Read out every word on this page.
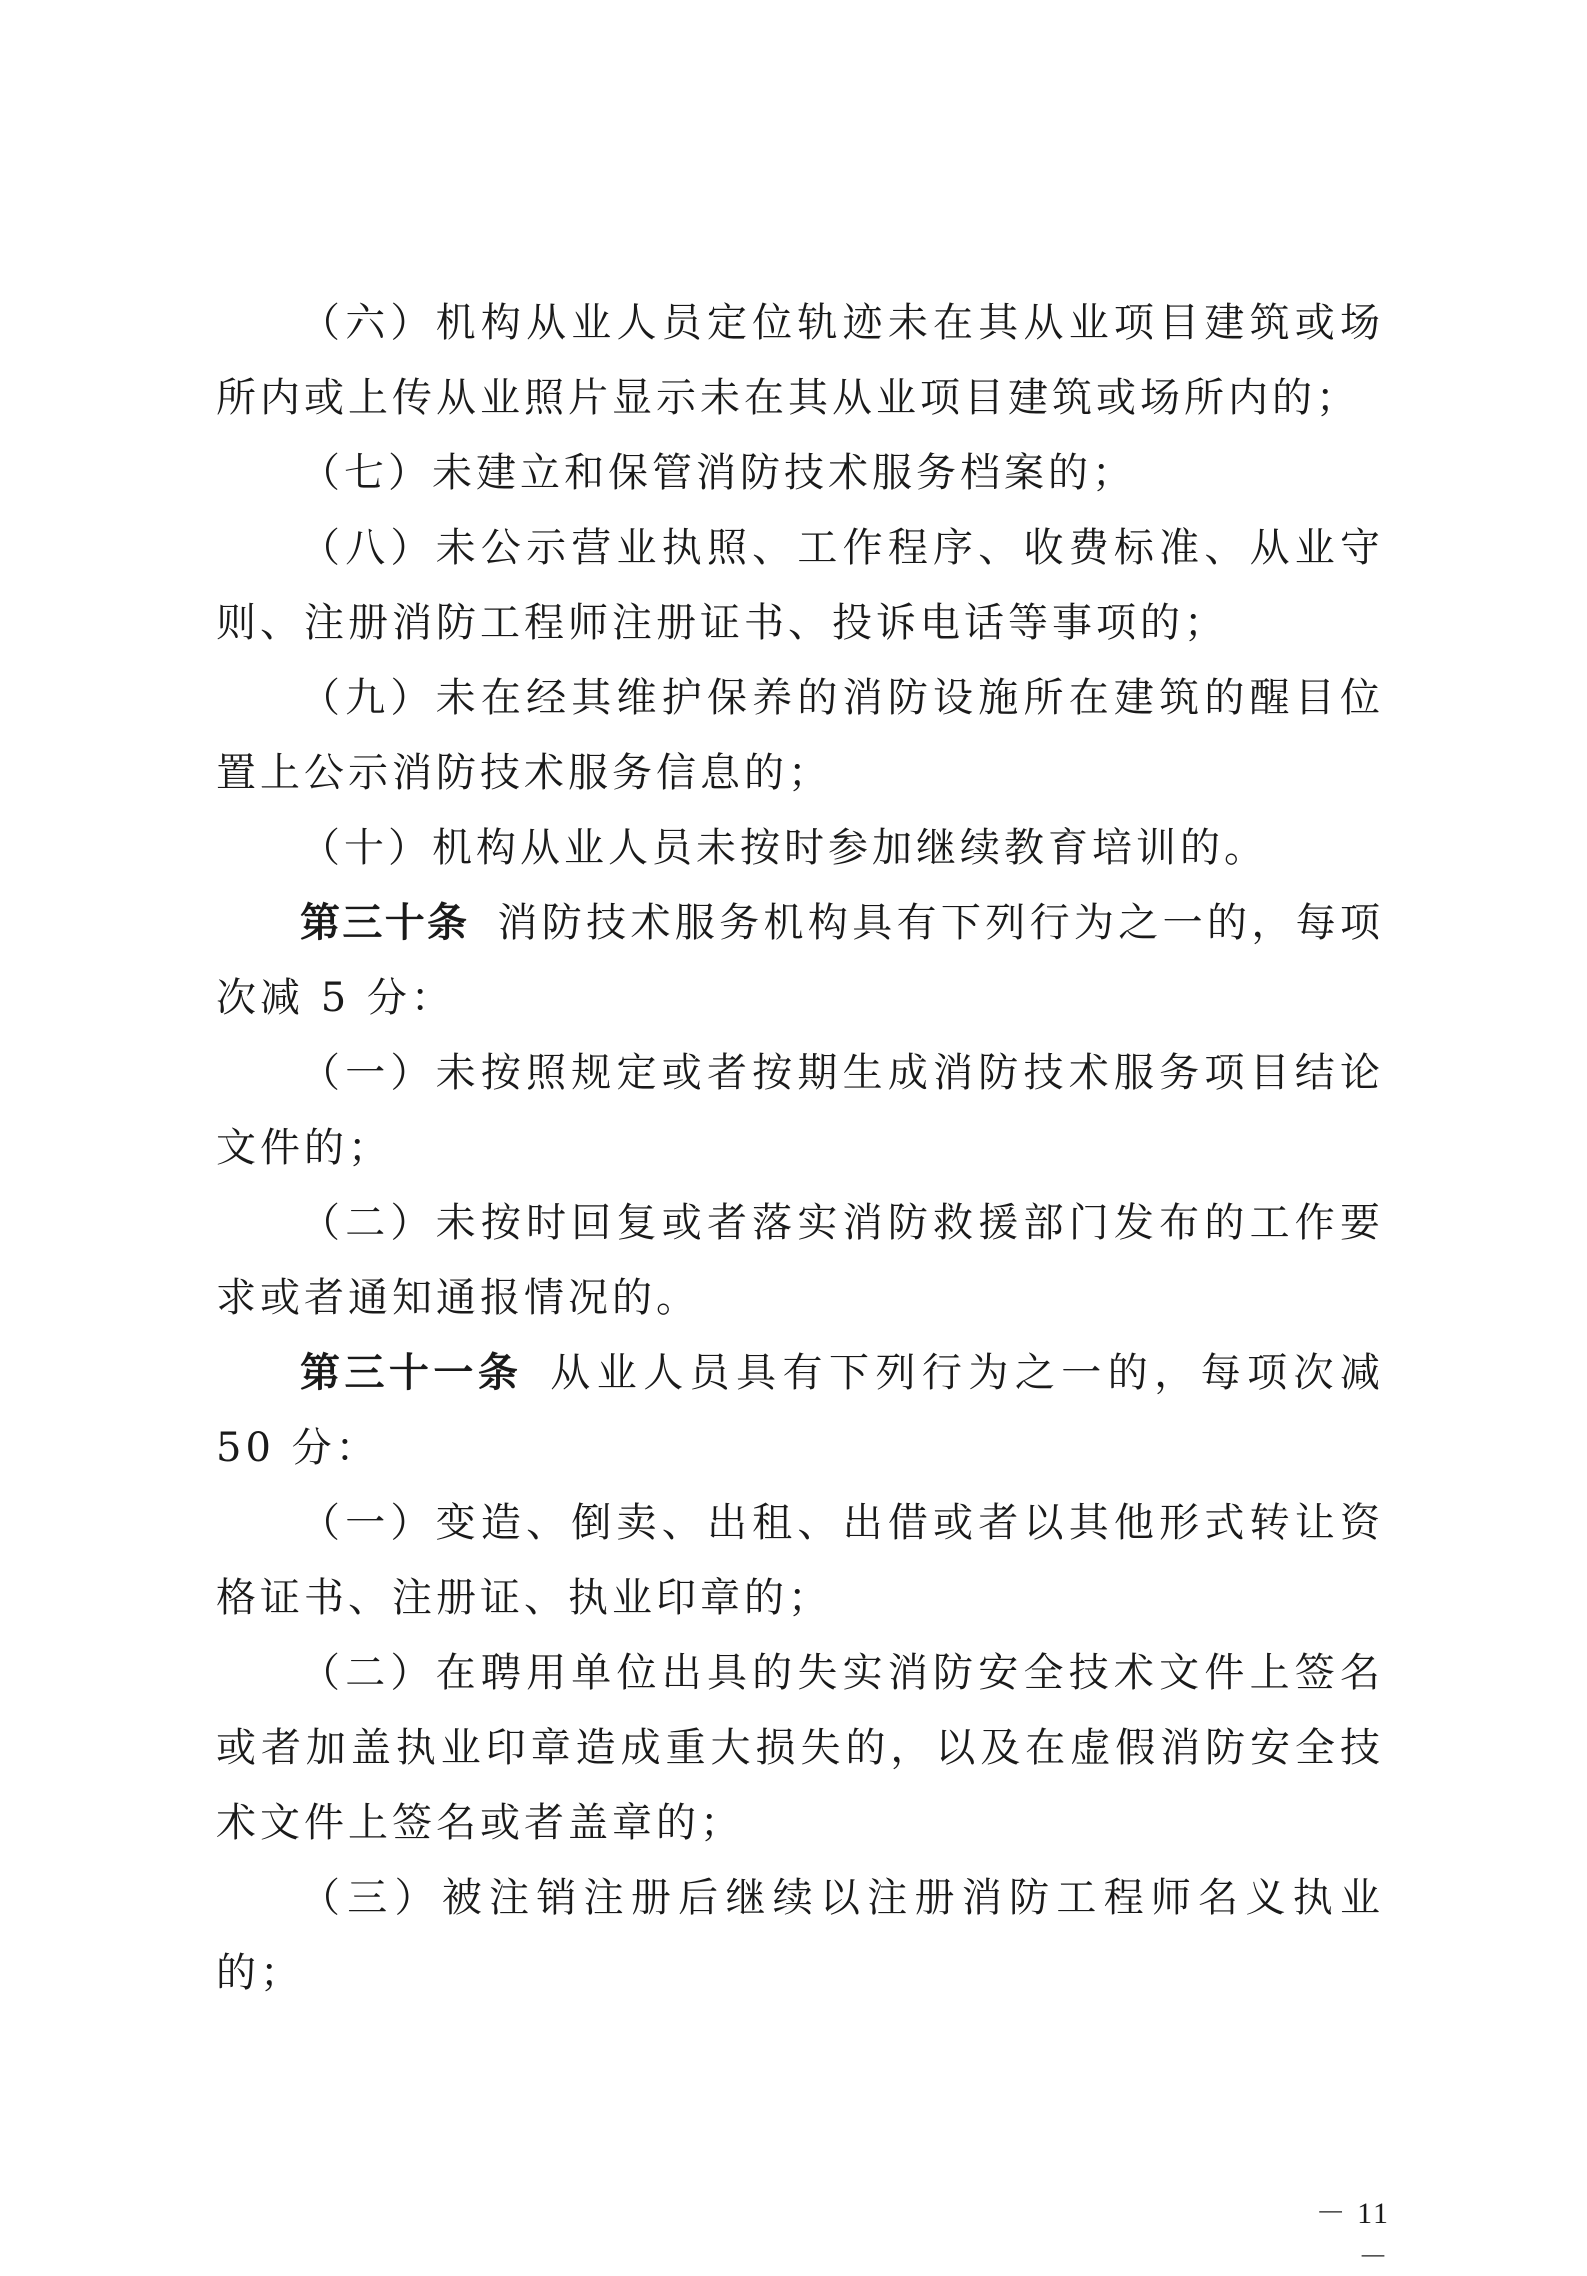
（六）机构从业人员定位轨迹未在其从业项目建筑或场所内或上传从业照片显示未在其从业项目建筑或场所内的；

（七）未建立和保管消防技术服务档案的；

（八）未公示营业执照、工作程序、收费标准、从业守则、注册消防工程师注册证书、投诉电话等事项的；

（九）未在经其维护保养的消防设施所在建筑的醒目位置上公示消防技术服务信息的；

（十）机构从业人员未按时参加继续教育培训的。

第三十条 消防技术服务机构具有下列行为之一的，每项次减 5 分：

（一）未按照规定或者按期生成消防技术服务项目结论文件的；

（二）未按时回复或者落实消防救援部门发布的工作要求或者通知通报情况的。

第三十一条 从业人员具有下列行为之一的，每项次减 50 分：

（一）变造、倒卖、出租、出借或者以其他形式转让资格证书、注册证、执业印章的；

（二）在聘用单位出具的失实消防安全技术文件上签名或者加盖执业印章造成重大损失的，以及在虚假消防安全技术文件上签名或者盖章的；

（三）被注销注册后继续以注册消防工程师名义执业的；

－ 11 －
